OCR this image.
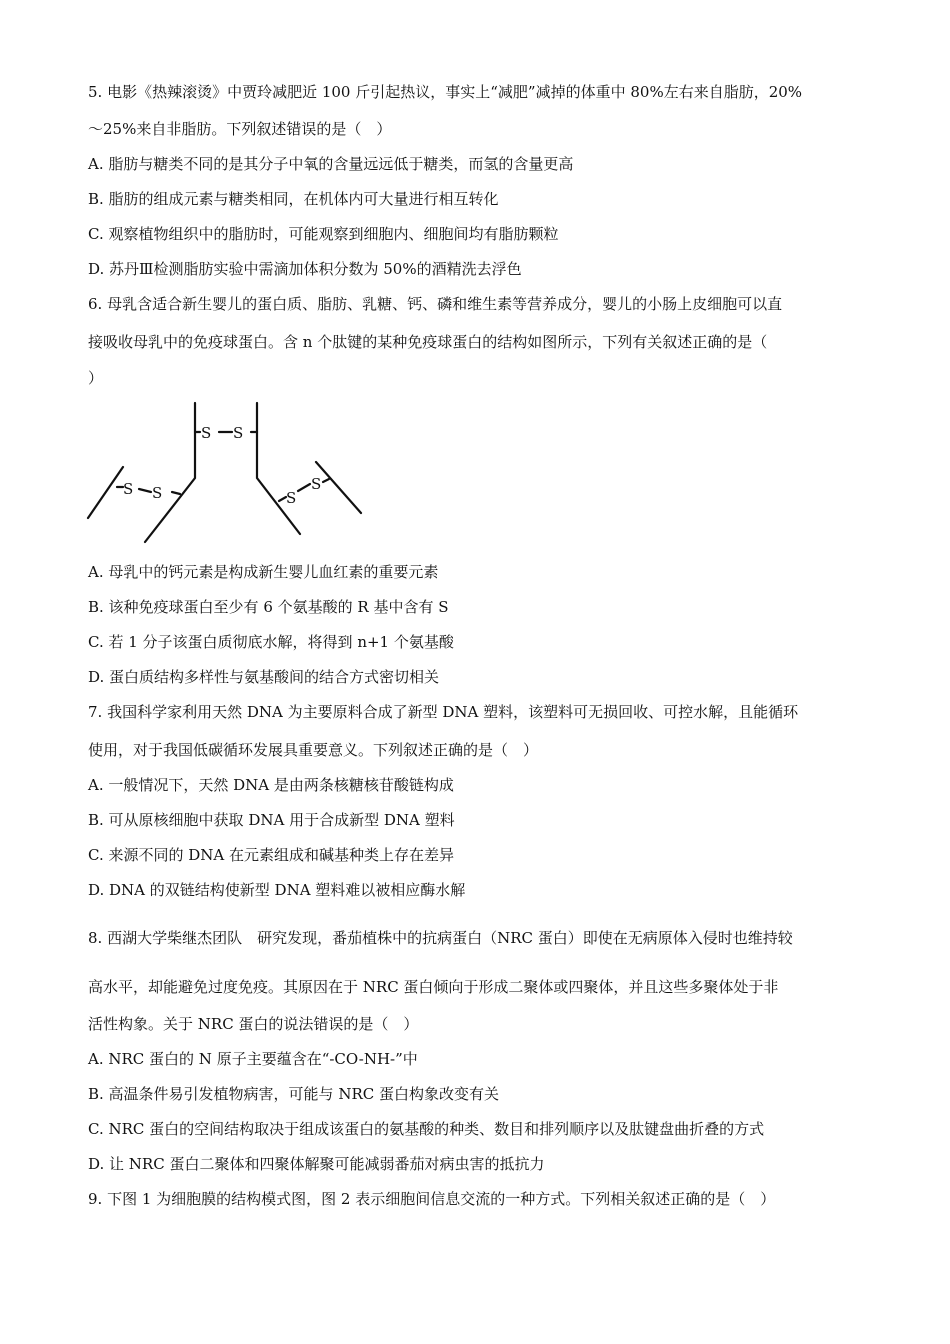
5. 电影《热辣滚烫》中贾玲减肥近 100 斤引起热议，事实上“减肥”减掉的体重中 80%左右来自脂肪，20%
～25%来自非脂肪。下列叙述错误的是（　）
A. 脂肪与糖类不同的是其分子中氧的含量远远低于糖类，而氢的含量更高
B. 脂肪的组成元素与糖类相同，在机体内可大量进行相互转化
C. 观察植物组织中的脂肪时，可能观察到细胞内、细胞间均有脂肪颗粒
D. 苏丹Ⅲ检测脂肪实验中需滴加体积分数为 50%的酒精洗去浮色
6. 母乳含适合新生婴儿的蛋白质、脂肪、乳糖、钙、磷和维生素等营养成分，婴儿的小肠上皮细胞可以直
接吸收母乳中的免疫球蛋白。含 n 个肽键的某种免疫球蛋白的结构如图所示，下列有关叙述正确的是（
）
S S
S S
S
S
A. 母乳中的钙元素是构成新生婴儿血红素的重要元素
B. 该种免疫球蛋白至少有 6 个氨基酸的 R 基中含有 S
C. 若 1 分子该蛋白质彻底水解，将得到 n+1 个氨基酸
D. 蛋白质结构多样性与氨基酸间的结合方式密切相关
7. 我国科学家利用天然 DNA 为主要原料合成了新型 DNA 塑料，该塑料可无损回收、可控水解，且能循环
使用，对于我国低碳循环发展具重要意义。下列叙述正确的是（　）
A. 一般情况下，天然 DNA 是由两条核糖核苷酸链构成
B. 可从原核细胞中获取 DNA 用于合成新型 DNA 塑料
C. 来源不同的 DNA 在元素组成和碱基种类上存在差异
D. DNA 的双链结构使新型 DNA 塑料难以被相应酶水解
8. 西湖大学柴继杰团队　研究发现，番茄植株中的抗病蛋白（NRC 蛋白）即使在无病原体入侵时也维持较
高水平，却能避免过度免疫。其原因在于 NRC 蛋白倾向于形成二聚体或四聚体，并且这些多聚体处于非
活性构象。关于 NRC 蛋白的说法错误的是（　）
A. NRC 蛋白的 N 原子主要蕴含在“-CO-NH-”中
B. 高温条件易引发植物病害，可能与 NRC 蛋白构象改变有关
C. NRC 蛋白的空间结构取决于组成该蛋白的氨基酸的种类、数目和排列顺序以及肽键盘曲折叠的方式
D. 让 NRC 蛋白二聚体和四聚体解聚可能减弱番茄对病虫害的抵抗力
9. 下图 1 为细胞膜的结构模式图，图 2 表示细胞间信息交流的一种方式。下列相关叙述正确的是（　）
